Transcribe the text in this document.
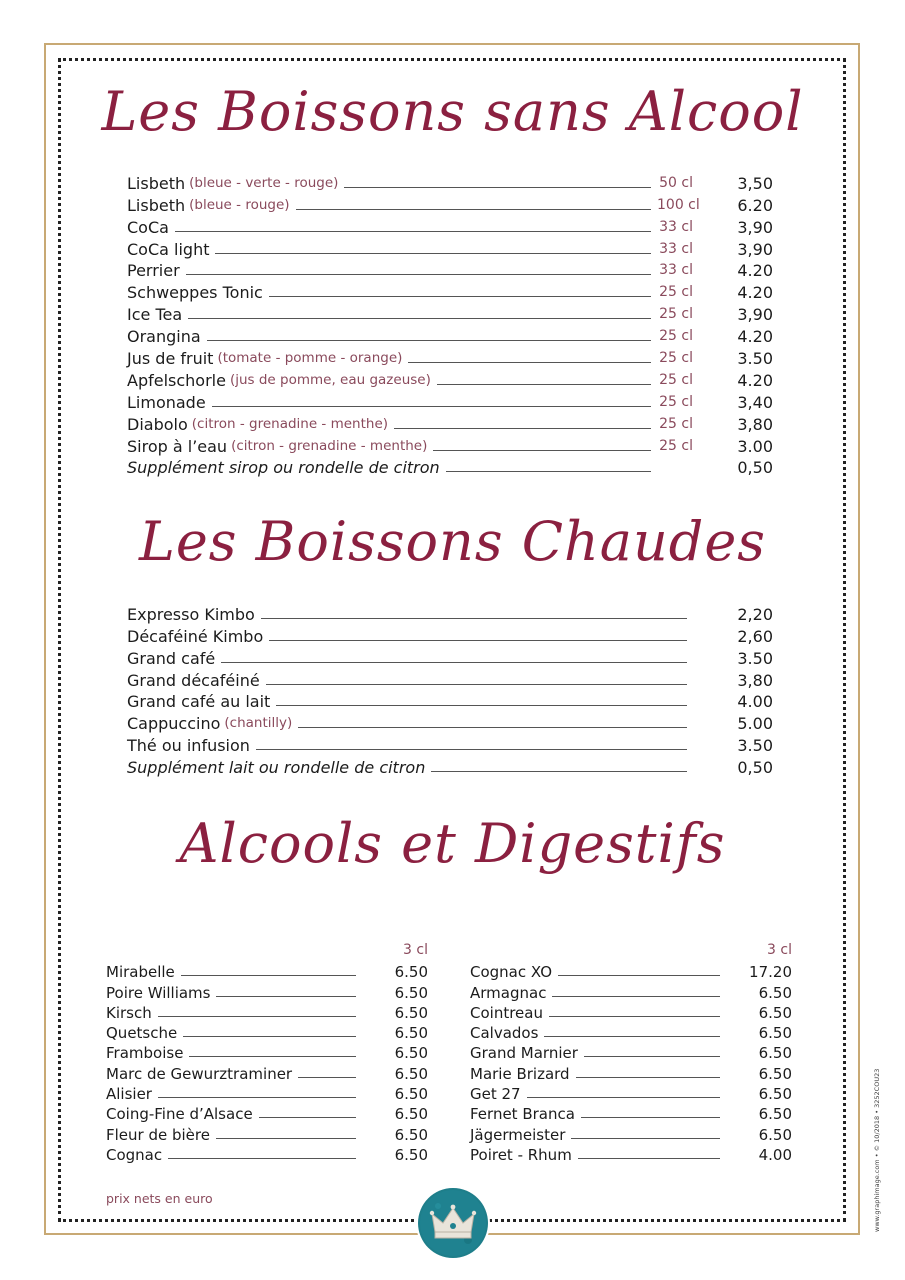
Les Boissons sans Alcool
Lisbeth (bleue - verte - rouge)	50 cl	3,50
Lisbeth (bleue - rouge)	100 cl	6.20
CoCa	33 cl	3,90
CoCa light	33 cl	3,90
Perrier	33 cl	4.20
Schweppes Tonic	25 cl	4.20
Ice Tea	25 cl	3,90
Orangina	25 cl	4.20
Jus de fruit (tomate - pomme - orange)	25 cl	3.50
Apfelschorle (jus de pomme, eau gazeuse)	25 cl	4.20
Limonade	25 cl	3,40
Diabolo (citron - grenadine - menthe)	25 cl	3,80
Sirop à l’eau (citron - grenadine - menthe)	25 cl	3.00
Supplément sirop ou rondelle de citron	0,50
Les Boissons Chaudes
Expresso Kimbo	2,20
Décaféiné Kimbo	2,60
Grand café	3.50
Grand décaféiné	3,80
Grand café au lait	4.00
Cappuccino (chantilly)	5.00
Thé ou infusion	3.50
Supplément lait ou rondelle de citron	0,50
Alcools et Digestifs
3 cl
Mirabelle	6.50
Poire Williams	6.50
Kirsch	6.50
Quetsche	6.50
Framboise	6.50
Marc de Gewurztraminer	6.50
Alisier	6.50
Coing-Fine d’Alsace	6.50
Fleur de bière	6.50
Cognac	6.50
3 cl
Cognac XO	17.20
Armagnac	6.50
Cointreau	6.50
Calvados	6.50
Grand Marnier	6.50
Marie Brizard	6.50
Get 27	6.50
Fernet Branca	6.50
Jägermeister	6.50
Poiret - Rhum	4.00
prix nets en euro	www.graphimage.com • © 10/2018 • 3252COU23
